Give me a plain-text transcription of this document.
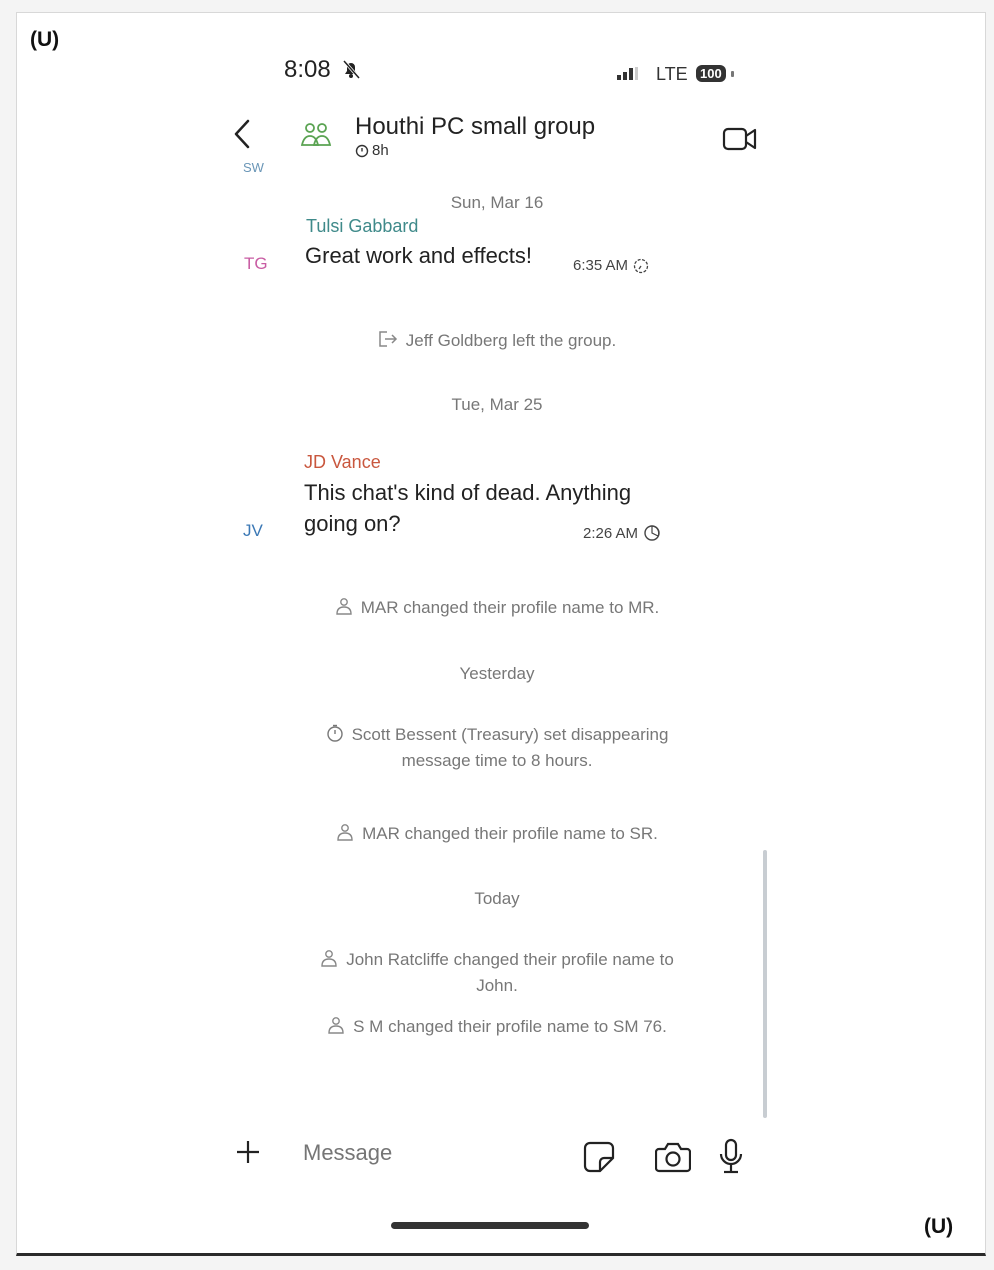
(U)
(U)
8:08	LTE 100
Houthi PC small group
8h
SW
Sun, Mar 16
Tulsi Gabbard
TG Great work and effects!	6:35 AM
Jeff Goldberg left the group.
Tue, Mar 25
JD Vance
This chat's kind of dead. Anything
going on?
JV	2:26 AM
MAR changed their profile name to MR.
Yesterday
Scott Bessent (Treasury) set disappearing
message time to 8 hours.
MAR changed their profile name to SR.
Today
John Ratcliffe changed their profile name to
John.
S M changed their profile name to SM 76.
Message
